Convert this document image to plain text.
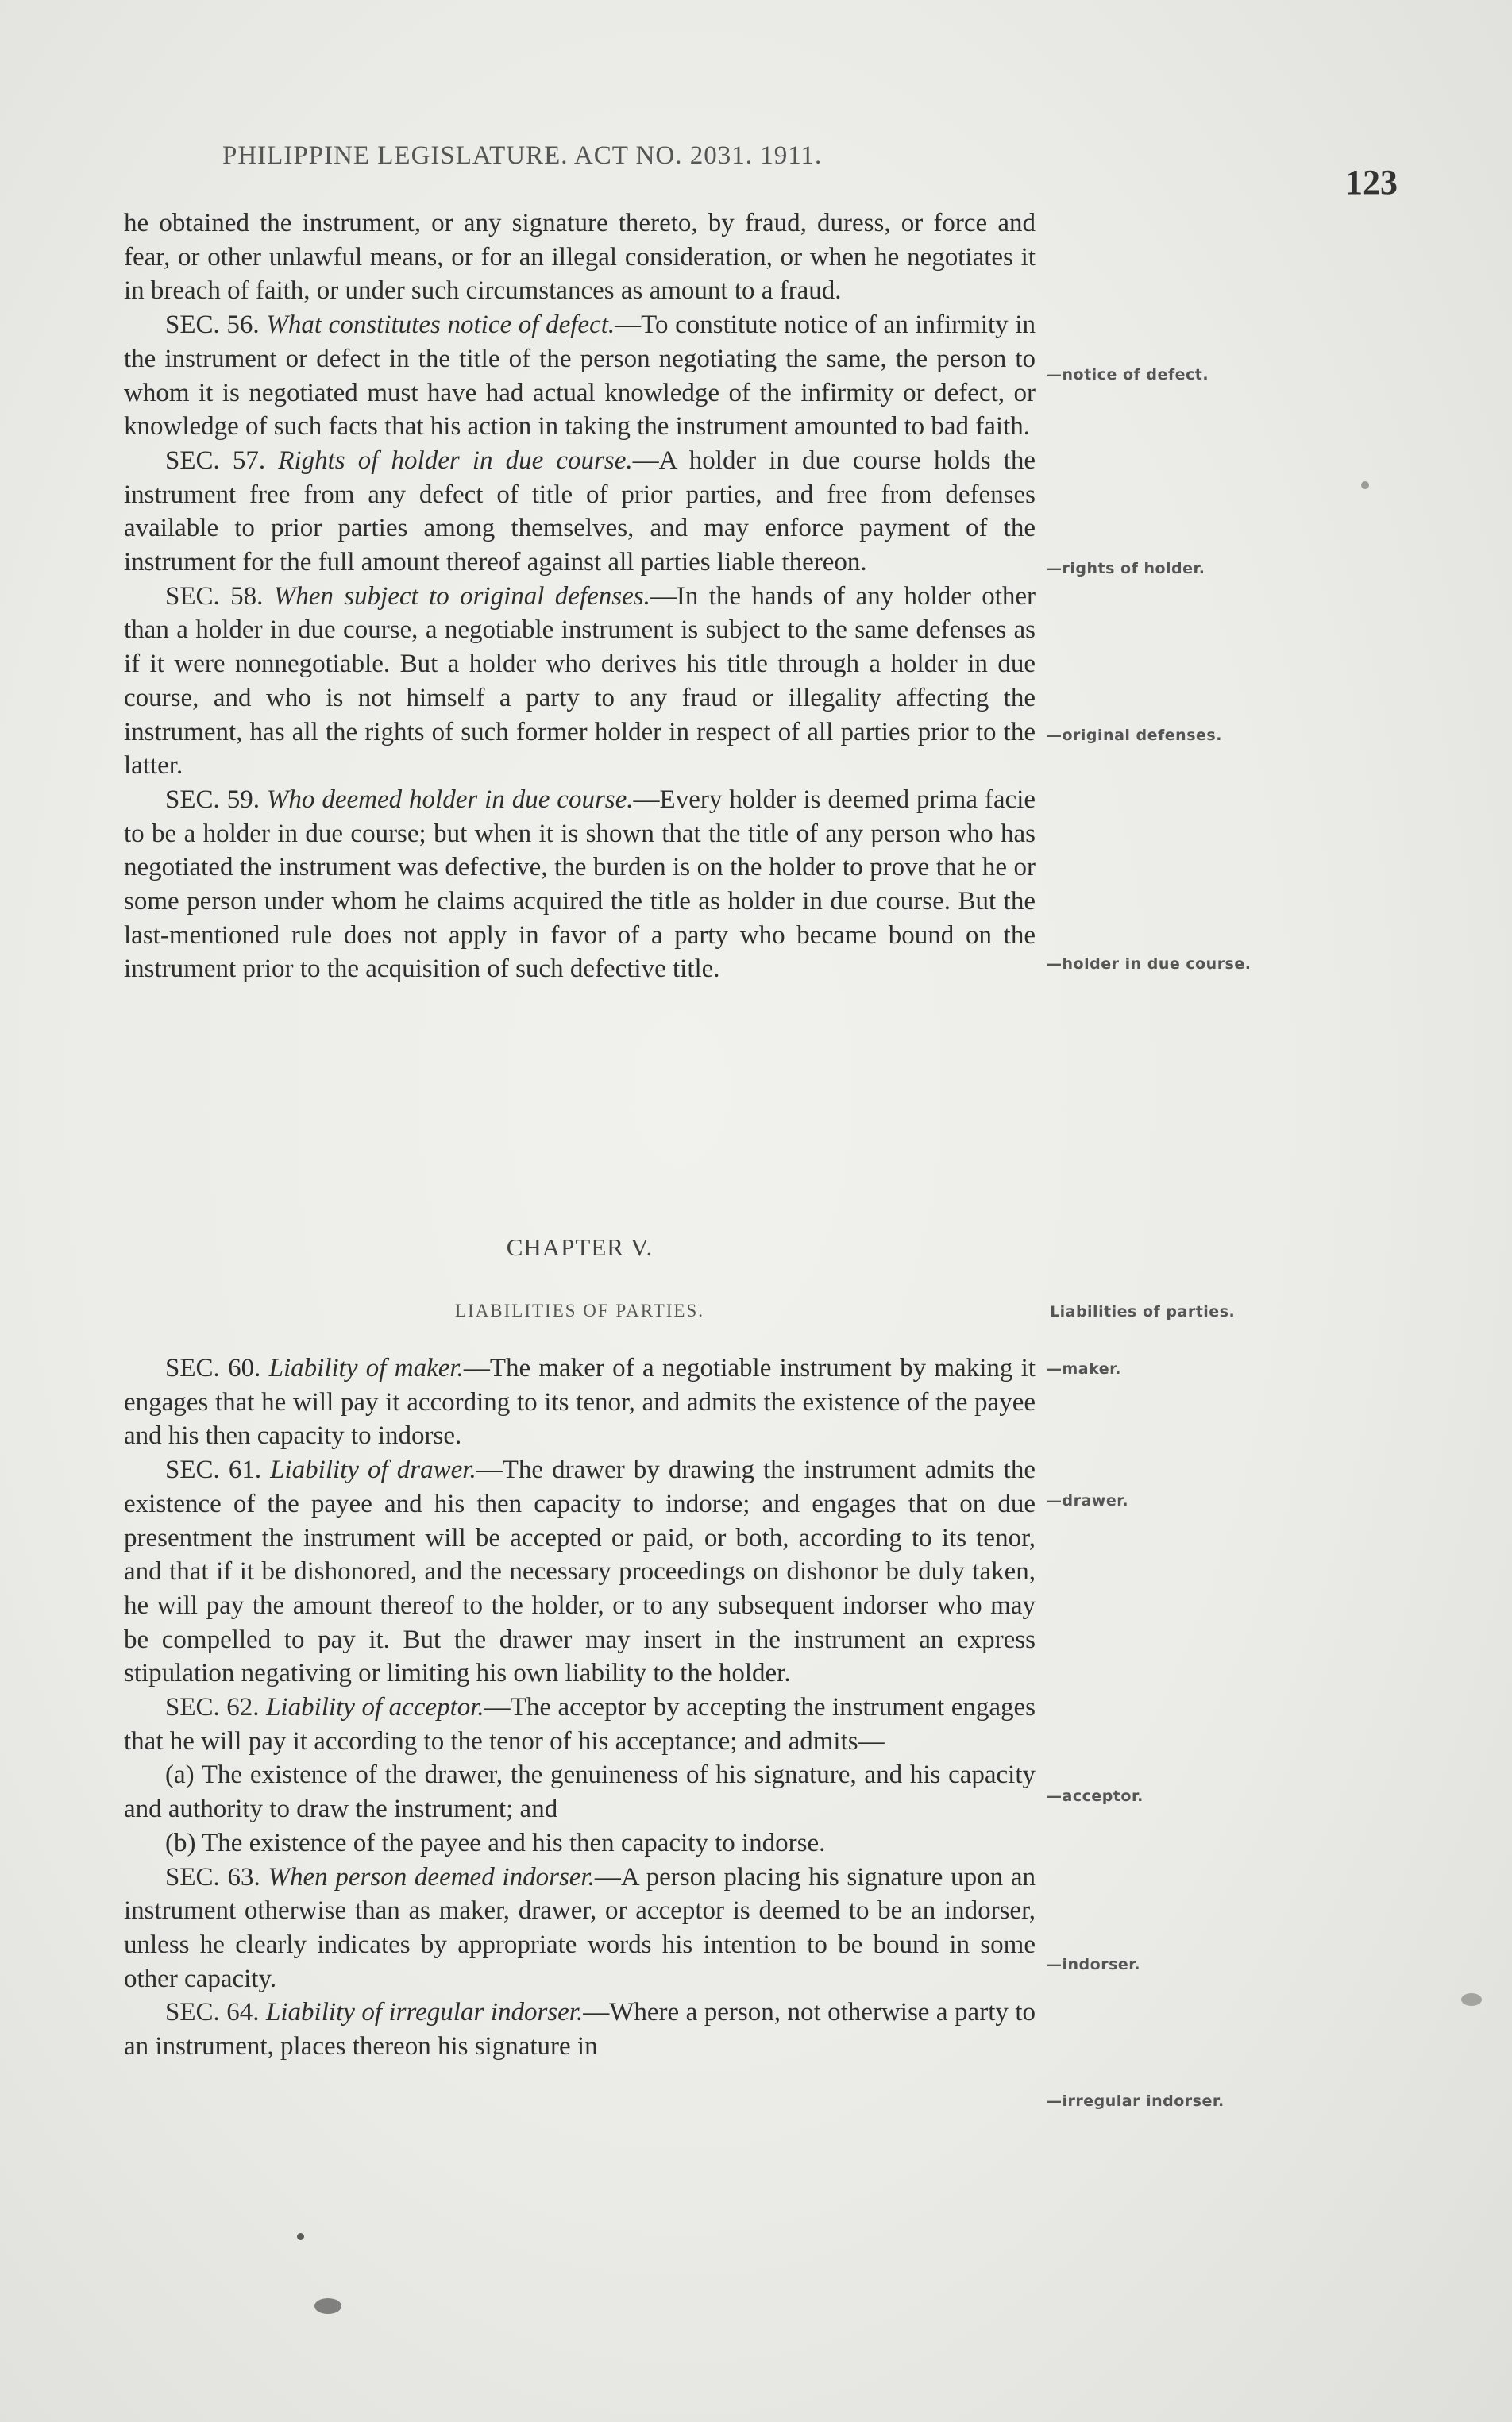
PHILIPPINE LEGISLATURE. ACT NO. 2031. 1911.
123

he obtained the instrument, or any signature thereto, by fraud, duress, or force and fear, or other unlawful means, or for an illegal consideration, or when he negotiates it in breach of faith, or under such circumstances as amount to a fraud.

SEC. 56. What constitutes notice of defect.—To constitute notice of an infirmity in the instrument or defect in the title of the person negotiating the same, the person to whom it is negotiated must have had actual knowledge of the infirmity or defect, or knowledge of such facts that his action in taking the instrument amounted to bad faith.

SEC. 57. Rights of holder in due course.—A holder in due course holds the instrument free from any defect of title of prior parties, and free from defenses available to prior parties among themselves, and may enforce payment of the instrument for the full amount thereof against all parties liable thereon.

SEC. 58. When subject to original defenses.—In the hands of any holder other than a holder in due course, a negotiable instrument is subject to the same defenses as if it were nonnegotiable. But a holder who derives his title through a holder in due course, and who is not himself a party to any fraud or illegality affecting the instrument, has all the rights of such former holder in respect of all parties prior to the latter.

SEC. 59. Who deemed holder in due course.—Every holder is deemed prima facie to be a holder in due course; but when it is shown that the title of any person who has negotiated the instrument was defective, the burden is on the holder to prove that he or some person under whom he claims acquired the title as holder in due course. But the last-mentioned rule does not apply in favor of a party who became bound on the instrument prior to the acquisition of such defective title.

CHAPTER V.
LIABILITIES OF PARTIES.

SEC. 60. Liability of maker.—The maker of a negotiable instrument by making it engages that he will pay it according to its tenor, and admits the existence of the payee and his then capacity to indorse.

SEC. 61. Liability of drawer.—The drawer by drawing the instrument admits the existence of the payee and his then capacity to indorse; and engages that on due presentment the instrument will be accepted or paid, or both, according to its tenor, and that if it be dishonored, and the necessary proceedings on dishonor be duly taken, he will pay the amount thereof to the holder, or to any subsequent indorser who may be compelled to pay it. But the drawer may insert in the instrument an express stipulation negativing or limiting his own liability to the holder.

SEC. 62. Liability of acceptor.—The acceptor by accepting the instrument engages that he will pay it according to the tenor of his acceptance; and admits—

(a) The existence of the drawer, the genuineness of his signature, and his capacity and authority to draw the instrument; and

(b) The existence of the payee and his then capacity to indorse.

SEC. 63. When person deemed indorser.—A person placing his signature upon an instrument otherwise than as maker, drawer, or acceptor is deemed to be an indorser, unless he clearly indicates by appropriate words his intention to be bound in some other capacity.

SEC. 64. Liability of irregular indorser.—Where a person, not otherwise a party to an instrument, places thereon his signature in

—notice of defect.
—rights of holder.
—original defenses.
—holder in due course.
Liabilities of parties.
—maker.
—drawer.
—acceptor.
—indorser.
—irregular indorser.
